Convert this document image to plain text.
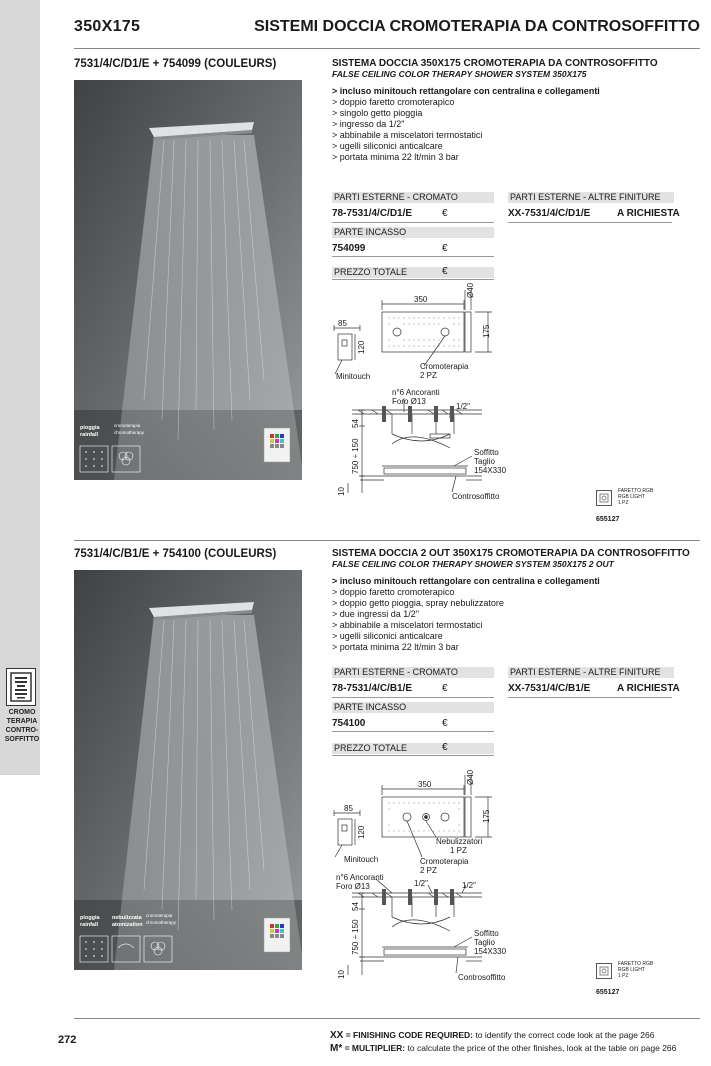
CROMO
TERAPIA
CONTRO-
SOFFITTO
350X175	SISTEMI DOCCIA CROMOTERAPIA DA CONTROSOFFITTO
7531/4/C/D1/E + 754099 (COULEURS)
pioggia
rainfall
cromoterapia
chromotherapy
SISTEMA DOCCIA 350X175 CROMOTERAPIA DA CONTROSOFFITTO
FALSE CEILING COLOR THERAPY SHOWER SYSTEM 350X175
> incluso minitouch rettangolare con centralina e collegamenti
> doppio faretto cromoterapico
> singolo getto pioggia
> ingresso da 1/2"
> abbinabile a miscelatori termostatici
> ugelli siliconici anticalcare
> portata minima 22 lt/min 3 bar
PARTI ESTERNE - CROMATO	PARTI ESTERNE - ALTRE FINITURE
78-7531/4/C/D1/E	€	XX-7531/4/C/D1/E	A RICHIESTA
PARTE INCASSO
754099	€
PREZZO TOTALE	€
350
Ø40
175
85
120
Minitouch
Cromoterapia
2 PZ
n°6 Ancoranti
Foro Ø13
1/2"
54
750 ÷ 150	Soffitto
Taglio
154X330
10
Controsoffitto
FARETTO RGB
RGB LIGHT
1 PZ
655127
7531/4/C/B1/E + 754100 (COULEURS)
pioggia
rainfall
nebulizzata
atomization
cromoterapia
chromotherapy
SISTEMA DOCCIA 2 OUT 350X175 CROMOTERAPIA DA CONTROSOFFITTO
FALSE CEILING COLOR THERAPY SHOWER SYSTEM 350X175 2 OUT
> incluso minitouch rettangolare con centralina e collegamenti
> doppio faretto cromoterapico
> doppio getto pioggia, spray nebulizzatore
> due ingressi da 1/2"
> abbinabile a miscelatori termostatici
> ugelli siliconici anticalcare
> portata minima 22 lt/min 3 bar
PARTI ESTERNE - CROMATO	PARTI ESTERNE - ALTRE FINITURE
78-7531/4/C/B1/E	€	XX-7531/4/C/B1/E	A RICHIESTA
PARTE INCASSO
754100	€
PREZZO TOTALE	€
350	Ø40
175
85
120
Minitouch
Nebulizzatori
1 PZ
Cromoterapia
2 PZ
n°6 Ancoranti
Foro Ø13	1/2"	1/2"
54
750 ÷ 150	Soffitto
Taglio
154X330
10	Controsoffitto
FARETTO RGB
RGB LIGHT
1 PZ
655127
272	XX = FINISHING CODE REQUIRED: to identify the correct code look at the page 266
M* = MULTIPLIER: to calculate the price of the other finishes, look at the table on page 266
